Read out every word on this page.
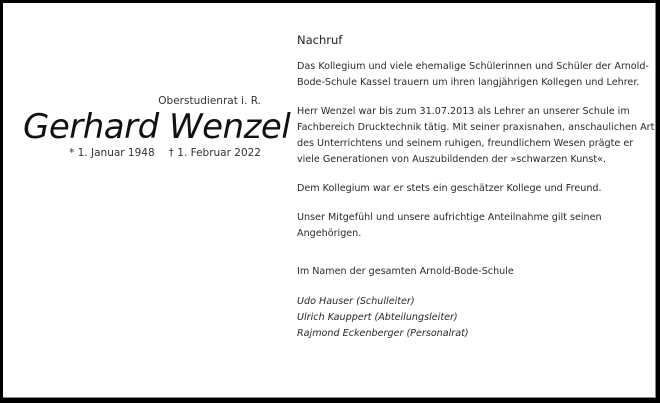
Oberstudienrat i. R.
Gerhard Wenzel
* 1. Januar 1948 † 1. Februar 2022
Nachruf

Das Kollegium und viele ehemalige Schülerinnen und Schüler der Arnold-Bode-Schule Kassel trauern um ihren langjährigen Kollegen und Lehrer.

Herr Wenzel war bis zum 31.07.2013 als Lehrer an unserer Schule im Fachbereich Drucktechnik tätig. Mit seiner praxisnahen, anschaulichen Art des Unterrichtens und seinem ruhigen, freundlichem Wesen prägte er viele Generationen von Auszubildenden der »schwarzen Kunst«.

Dem Kollegium war er stets ein geschätzer Kollege und Freund.

Unser Mitgefühl und unsere aufrichtige Anteilnahme gilt seinen Angehörigen.

Im Namen der gesamten Arnold-Bode-Schule

Udo Hauser (Schulleiter)
Ulrich Kauppert (Abteilungsleiter)
Rajmond Eckenberger (Personalrat)
